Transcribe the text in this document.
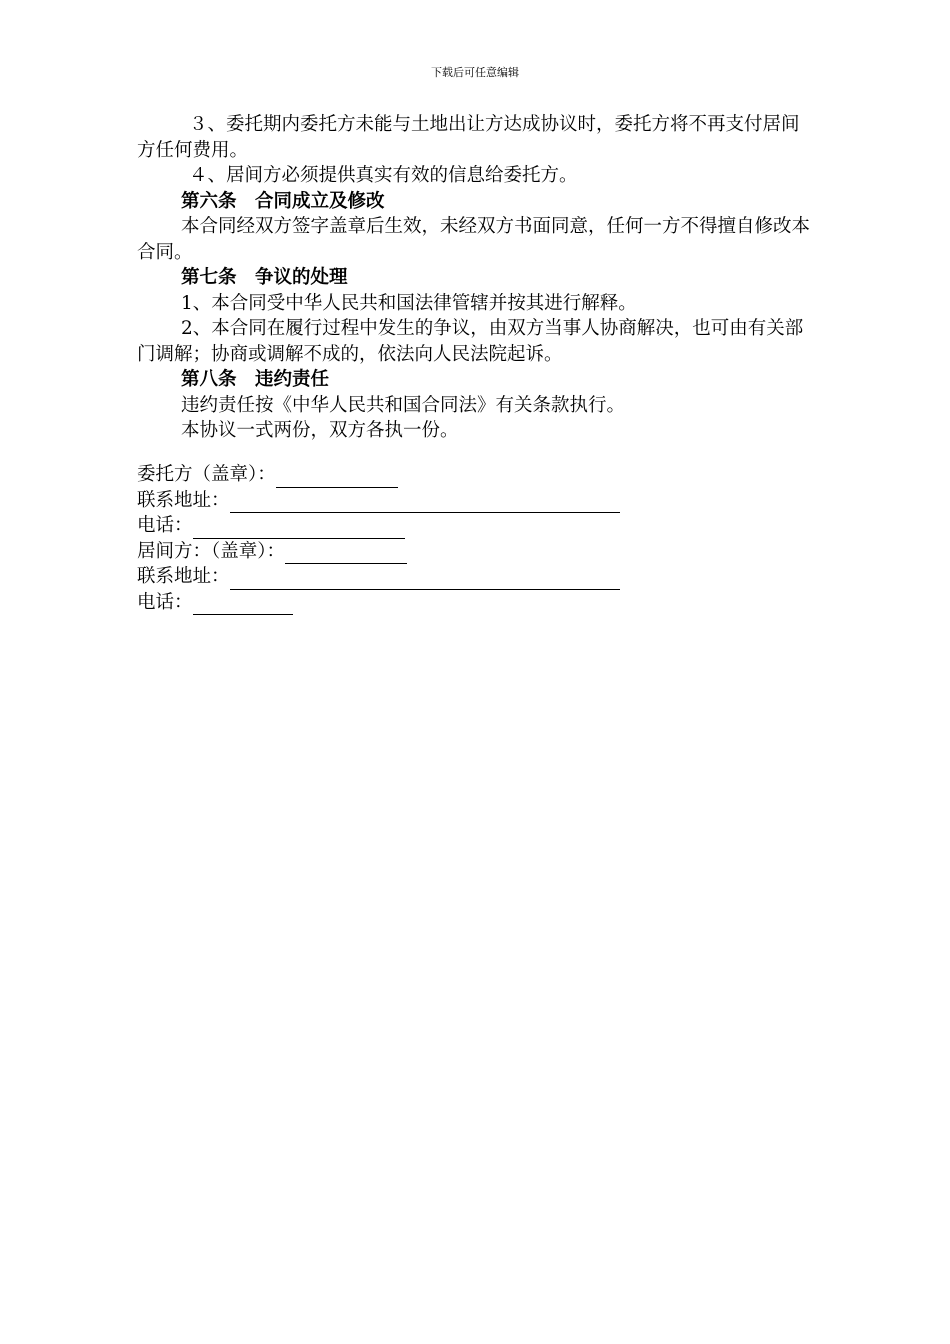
下载后可任意编辑

３、委托期内委托方未能与土地出让方达成协议时，委托方将不再支付居间方任何费用。

４、居间方必须提供真实有效的信息给委托方。

第六条　合同成立及修改

本合同经双方签字盖章后生效，未经双方书面同意，任何一方不得擅自修改本合同。

第七条　争议的处理

1、本合同受中华人民共和国法律管辖并按其进行解释。

2、本合同在履行过程中发生的争议，由双方当事人协商解决，也可由有关部门调解；协商或调解不成的，依法向人民法院起诉。

第八条　违约责任

违约责任按《中华人民共和国合同法》有关条款执行。

本协议一式两份，双方各执一份。

委托方（盖章）：
联系地址：
电话：
居间方：（盖章）：
联系地址：
电话：
